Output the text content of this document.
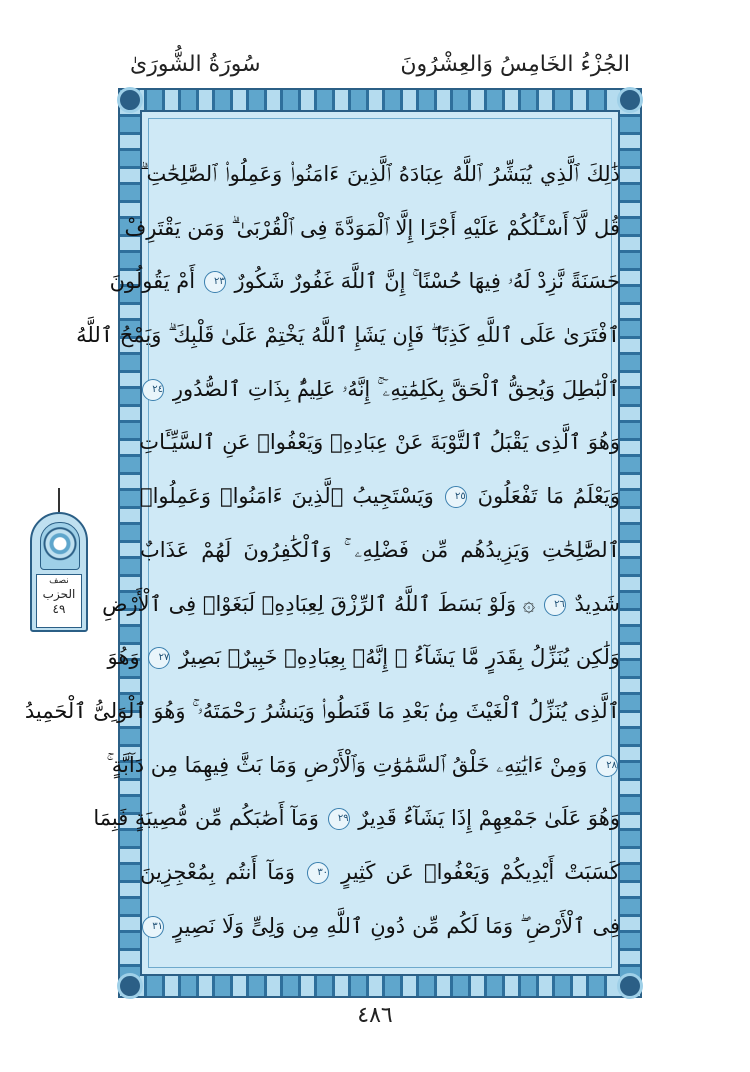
الجُزْءُ الخَامِسُ وَالعِشْرُونَ
سُورَةُ الشُّورَىٰ
ذَٰلِكَ ٱلَّذِي يُبَشِّرُ ٱللَّهُ عِبَادَهُ ٱلَّذِينَ ءَامَنُوا۟ وَعَمِلُوا۟ ٱلصَّٰلِحَٰتِ ۗ
قُل لَّآ أَسْـَٔلُكُمْ عَلَيْهِ أَجْرًا إِلَّا ٱلْمَوَدَّةَ فِى ٱلْقُرْبَىٰ ۗ وَمَن يَقْتَرِفْ
حَسَنَةً نَّزِدْ لَهُۥ فِيهَا حُسْنًا ۚ إِنَّ ٱللَّهَ غَفُورٌ شَكُورٌ ٢٣ أَمْ يَقُولُونَ
ٱفْتَرَىٰ عَلَى ٱللَّهِ كَذِبًا ۖ فَإِن يَشَإِ ٱللَّهُ يَخْتِمْ عَلَىٰ قَلْبِكَ ۗ وَيَمْحُ ٱللَّهُ
ٱلْبَٰطِلَ وَيُحِقُّ ٱلْحَقَّ بِكَلِمَٰتِهِۦٓ ۚ إِنَّهُۥ عَلِيمٌۢ بِذَاتِ ٱلصُّدُورِ ٢٤
وَهُوَ ٱلَّذِى يَقْبَلُ ٱلتَّوْبَةَ عَنْ عِبَادِهِۦ وَيَعْفُوا۟ عَنِ ٱلسَّيِّـَٔاتِ
وَيَعْلَمُ مَا تَفْعَلُونَ ٢٥ وَيَسْتَجِيبُ ٱلَّذِينَ ءَامَنُوا۟ وَعَمِلُوا۟
ٱلصَّٰلِحَٰتِ وَيَزِيدُهُم مِّن فَضْلِهِۦ ۚ وَٱلْكَٰفِرُونَ لَهُمْ عَذَابٌ
شَدِيدٌ ٢٦ ۞ وَلَوْ بَسَطَ ٱللَّهُ ٱلرِّزْقَ لِعِبَادِهِۦ لَبَغَوْا۟ فِى ٱلْأَرْضِ
وَلَٰكِن يُنَزِّلُ بِقَدَرٍ مَّا يَشَآءُ ۚ إِنَّهُۥ بِعِبَادِهِۦ خَبِيرٌۢ بَصِيرٌ ٢٧ وَهُوَ
ٱلَّذِى يُنَزِّلُ ٱلْغَيْثَ مِنۢ بَعْدِ مَا قَنَطُوا۟ وَيَنشُرُ رَحْمَتَهُۥ ۚ وَهُوَ ٱلْوَلِىُّ ٱلْحَمِيدُ
٢٨ وَمِنْ ءَايَٰتِهِۦ خَلْقُ ٱلسَّمَٰوَٰتِ وَٱلْأَرْضِ وَمَا بَثَّ فِيهِمَا مِن دَآبَّةٍ ۚ
وَهُوَ عَلَىٰ جَمْعِهِمْ إِذَا يَشَآءُ قَدِيرٌ ٢٩ وَمَآ أَصَٰبَكُم مِّن مُّصِيبَةٍ فَبِمَا
كَسَبَتْ أَيْدِيكُمْ وَيَعْفُوا۟ عَن كَثِيرٍ ٣٠ وَمَآ أَنتُم بِمُعْجِزِينَ
فِى ٱلْأَرْضِ ۖ وَمَا لَكُم مِّن دُونِ ٱللَّهِ مِن وَلِىٍّ وَلَا نَصِيرٍ ٣١
نصف
الحزب
٤٩
٤٨٦
